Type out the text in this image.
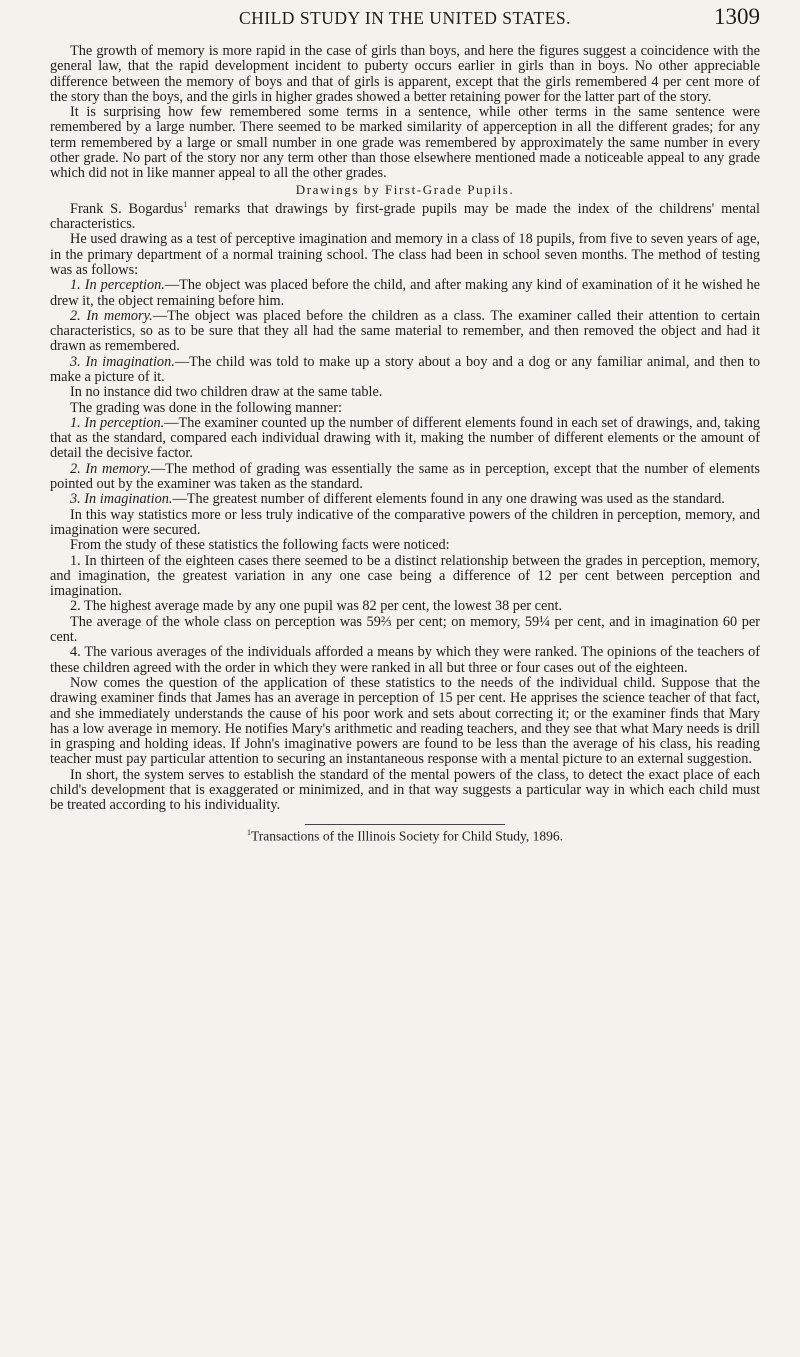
CHILD STUDY IN THE UNITED STATES.	1309

The growth of memory is more rapid in the case of girls than boys, and here the figures suggest a coincidence with the general law, that the rapid development incident to puberty occurs earlier in girls than in boys. No other appreciable difference between the memory of boys and that of girls is apparent, except that the girls remembered 4 per cent more of the story than the boys, and the girls in higher grades showed a better retaining power for the latter part of the story.

It is surprising how few remembered some terms in a sentence, while other terms in the same sentence were remembered by a large number. There seemed to be marked similarity of apperception in all the different grades; for any term remembered by a large or small number in one grade was remembered by approximately the same number in every other grade. No part of the story nor any term other than those elsewhere mentioned made a noticeable appeal to any grade which did not in like manner appeal to all the other grades.

Drawings by First-Grade Pupils.

Frank S. Bogardus$^1$ remarks that drawings by first-grade pupils may be made the index of the childrens' mental characteristics.

He used drawing as a test of perceptive imagination and memory in a class of 18 pupils, from five to seven years of age, in the primary department of a normal training school. The class had been in school seven months. The method of testing was as follows:

1. In perception.—The object was placed before the child, and after making any kind of examination of it he wished he drew it, the object remaining before him.

2. In memory.—The object was placed before the children as a class. The examiner called their attention to certain characteristics, so as to be sure that they all had the same material to remember, and then removed the object and had it drawn as remembered.

3. In imagination.—The child was told to make up a story about a boy and a dog or any familiar animal, and then to make a picture of it.

In no instance did two children draw at the same table.

The grading was done in the following manner:

1. In perception.—The examiner counted up the number of different elements found in each set of drawings, and, taking that as the standard, compared each individual drawing with it, making the number of different elements or the amount of detail the decisive factor.

2. In memory.—The method of grading was essentially the same as in perception, except that the number of elements pointed out by the examiner was taken as the standard.

3. In imagination.—The greatest number of different elements found in any one drawing was used as the standard.

In this way statistics more or less truly indicative of the comparative powers of the children in perception, memory, and imagination were secured.

From the study of these statistics the following facts were noticed:

1. In thirteen of the eighteen cases there seemed to be a distinct relationship between the grades in perception, memory, and imagination, the greatest variation in any one case being a difference of 12 per cent between perception and imagination.

2. The highest average made by any one pupil was 82 per cent, the lowest 38 per cent.

The average of the whole class on perception was 59⅔ per cent; on memory, 59¼ per cent, and in imagination 60 per cent.

4. The various averages of the individuals afforded a means by which they were ranked. The opinions of the teachers of these children agreed with the order in which they were ranked in all but three or four cases out of the eighteen.

Now comes the question of the application of these statistics to the needs of the individual child. Suppose that the drawing examiner finds that James has an average in perception of 15 per cent. He apprises the science teacher of that fact, and she immediately understands the cause of his poor work and sets about correcting it; or the examiner finds that Mary has a low average in memory. He notifies Mary's arithmetic and reading teachers, and they see that what Mary needs is drill in grasping and holding ideas. If John's imaginative powers are found to be less than the average of his class, his reading teacher must pay particular attention to securing an instantaneous response with a mental picture to an external suggestion.

In short, the system serves to establish the standard of the mental powers of the class, to detect the exact place of each child's development that is exaggerated or minimized, and in that way suggests a particular way in which each child must be treated according to his individuality.

$^1$Transactions of the Illinois Society for Child Study, 1896.
